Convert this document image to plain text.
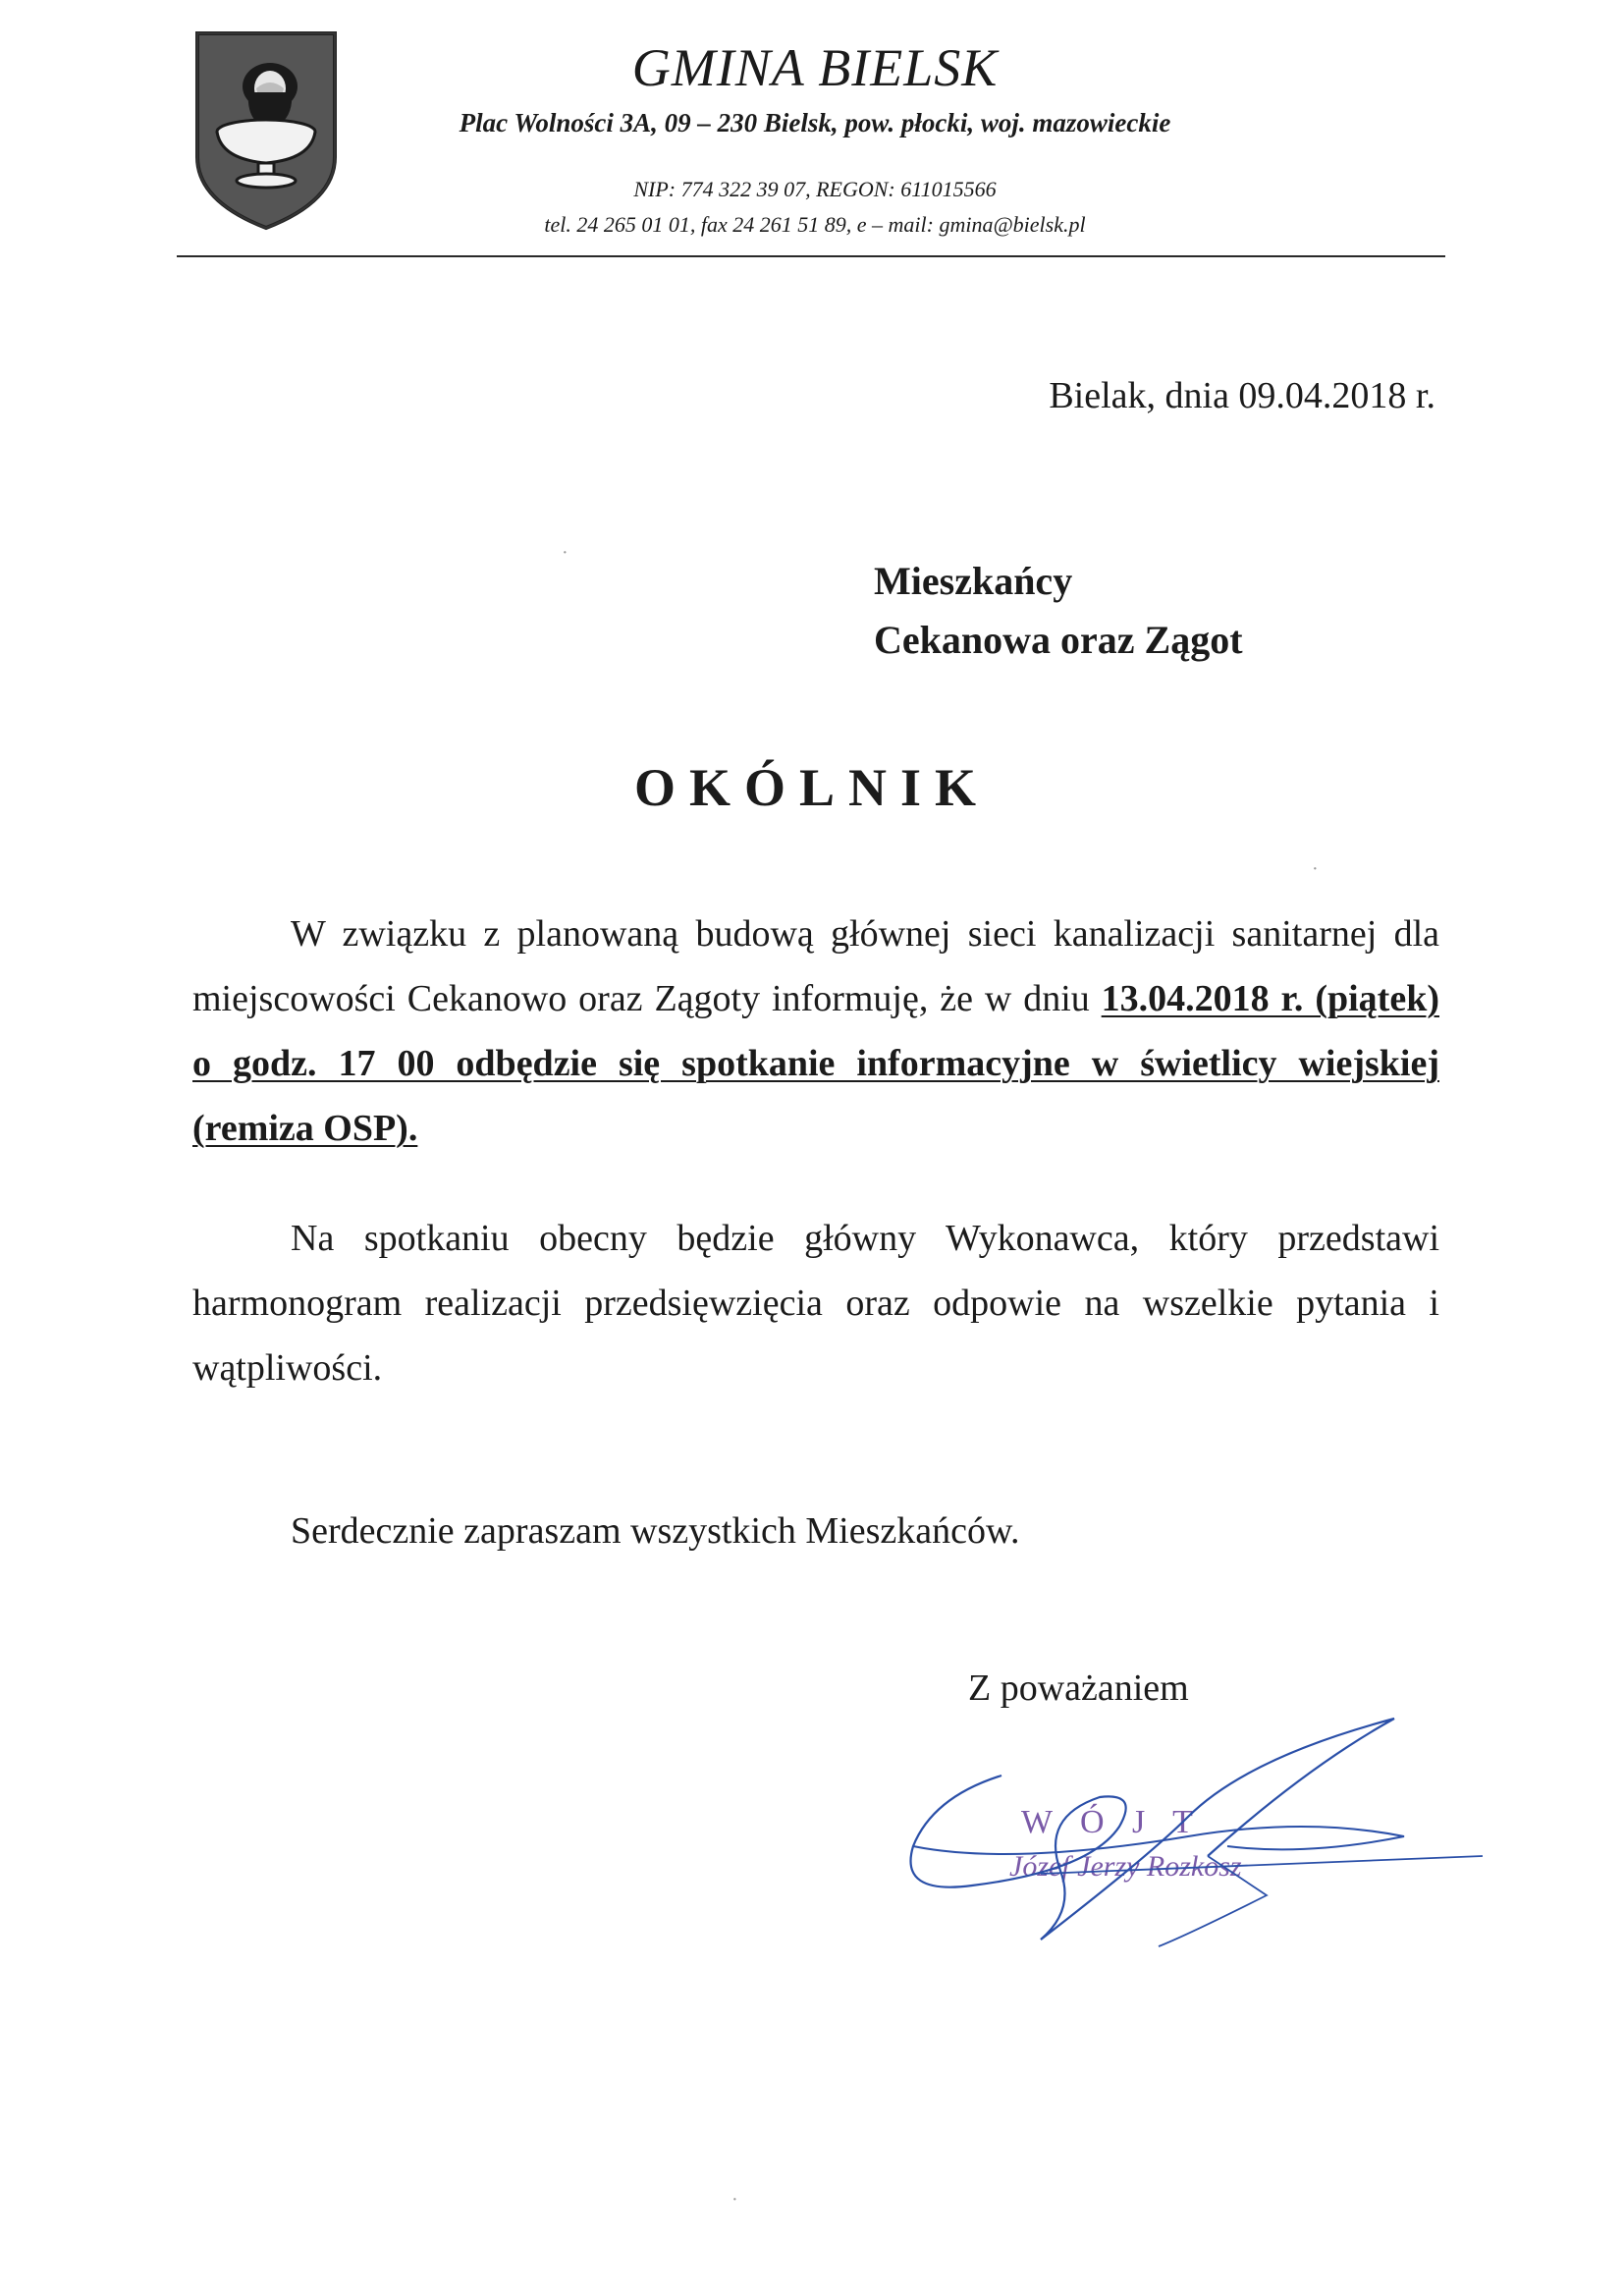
GMINA BIELSK
Plac Wolności 3A, 09 – 230 Bielsk, pow. płocki, woj. mazowieckie
NIP: 774 322 39 07, REGON: 611015566
tel. 24 265 01 01, fax 24 261 51 89, e – mail: gmina@bielsk.pl
Bielak, dnia 09.04.2018 r.
Mieszkańcy
Cekanowa oraz Zągot
OKÓLNIK
W związku z planowaną budową głównej sieci kanalizacji sanitarnej dla miejscowości Cekanowo oraz Zągoty informuję, że w dniu 13.04.2018 r. (piątek) o godz. 17 00 odbędzie się spotkanie informacyjne w świetlicy wiejskiej (remiza OSP).
Na spotkaniu obecny będzie główny Wykonawca, który przedstawi harmonogram realizacji przedsięwzięcia oraz odpowie na wszelkie pytania i wątpliwości.
Serdecznie zapraszam wszystkich Mieszkańców.
Z poważaniem
W Ó J T
Józef Jerzy Rozkosz
·
·
·
